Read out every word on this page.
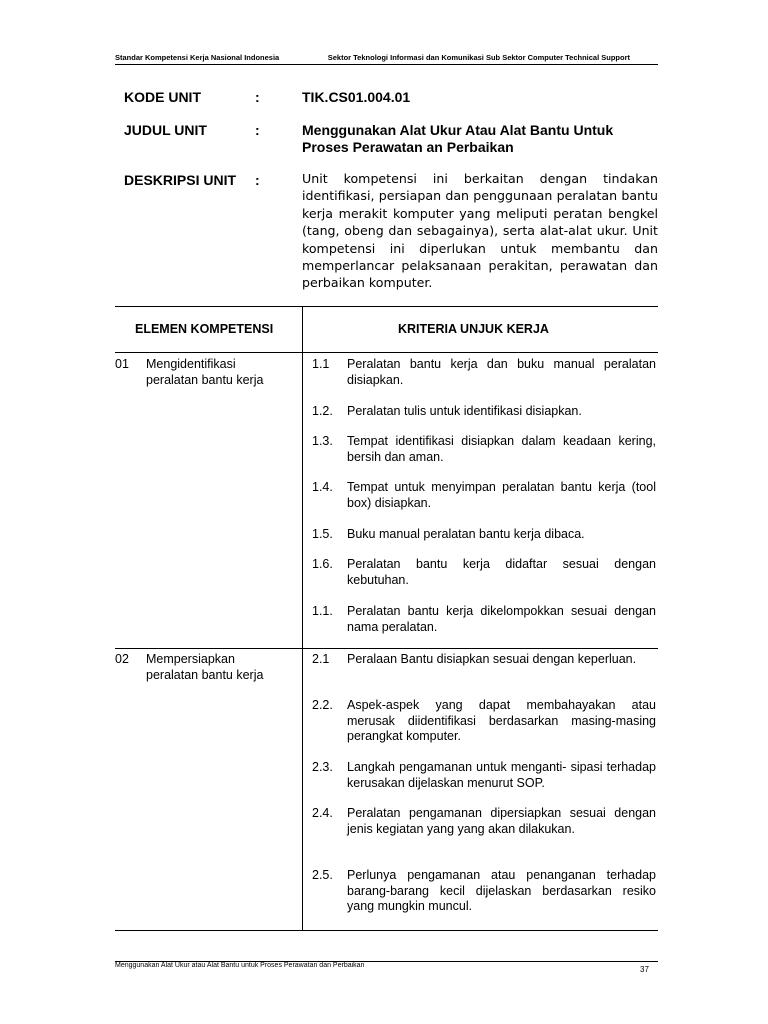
Standar Kompetensi Kerja Nasional Indonesia	Sektor Teknologi Informasi dan Komunikasi Sub Sektor Computer Technical Support
KODE UNIT	:	TIK.CS01.004.01
JUDUL UNIT	:	Menggunakan Alat Ukur Atau Alat Bantu Untuk
Proses Perawatan an Perbaikan
DESKRIPSI UNIT :	Unit kompetensi ini berkaitan dengan tindakan identifikasi, persiapan dan penggunaan peralatan bantu kerja merakit komputer yang meliputi peratan bengkel (tang, obeng dan sebagainya), serta alat-alat ukur. Unit kompetensi ini diperlukan untuk membantu dan memperlancar pelaksanaan perakitan, perawatan dan perbaikan komputer.
ELEMEN KOMPETENSI	KRITERIA UNJUK KERJA
01 Mengidentifikasi
peralatan bantu kerja
1.1 Peralatan bantu kerja dan buku manual peralatan disiapkan.
1.2. Peralatan tulis untuk identifikasi disiapkan.
1.3. Tempat identifikasi disiapkan dalam keadaan kering, bersih dan aman.
1.4. Tempat untuk menyimpan peralatan bantu kerja (tool box) disiapkan.
1.5. Buku manual peralatan bantu kerja dibaca.
1.6. Peralatan bantu kerja didaftar sesuai dengan kebutuhan.
1.1. Peralatan bantu kerja dikelompokkan sesuai dengan nama peralatan.
02 Mempersiapkan
peralatan bantu kerja
2.1 Peralaan Bantu disiapkan sesuai dengan keperluan.
2.2. Aspek-aspek yang dapat membahayakan atau merusak diidentifikasi berdasarkan masing-masing perangkat komputer.
2.3. Langkah pengamanan untuk menganti- sipasi terhadap kerusakan dijelaskan menurut SOP.
2.4. Peralatan pengamanan dipersiapkan sesuai dengan jenis kegiatan yang yang akan dilakukan.
2.5. Perlunya pengamanan atau penanganan terhadap barang-barang kecil dijelaskan berdasarkan resiko yang mungkin muncul.
Menggunakan Alat Ukur atau Alat Bantu untuk Proses Perawatan dan Perbaikan	37
